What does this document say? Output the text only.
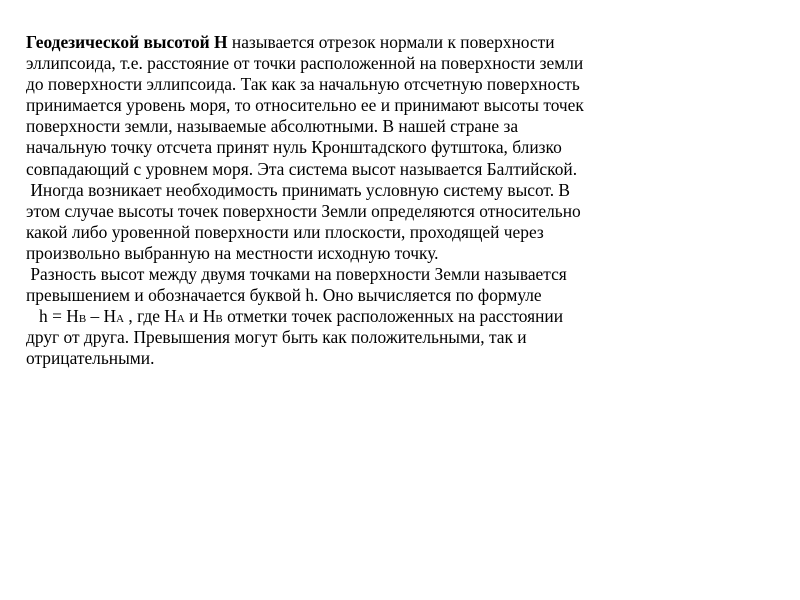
Геодезической высотой Н называется отрезок нормали к поверхности
эллипсоида, т.е. расстояние от точки расположенной на поверхности земли
до поверхности эллипсоида. Так как за начальную отсчетную поверхность
принимается уровень моря, то относительно ее и принимают высоты точек
поверхности земли, называемые абсолютными. В нашей стране за
начальную точку отсчета принят нуль Кронштадского футштока, близко
совпадающий с уровнем моря. Эта система высот называется Балтийской.
Иногда возникает необходимость принимать условную систему высот. В
этом случае высоты точек поверхности Земли определяются относительно
какой либо уровенной поверхности или плоскости, проходящей через
произвольно выбранную на местности исходную точку.
Разность высот между двумя точками на поверхности Земли называется
превышением и обозначается буквой h. Оно вычисляется по формуле
h = НВ – НА , где НА и НВ отметки точек расположенных на расстоянии
друг от друга. Превышения могут быть как положительными, так и
отрицательными.
